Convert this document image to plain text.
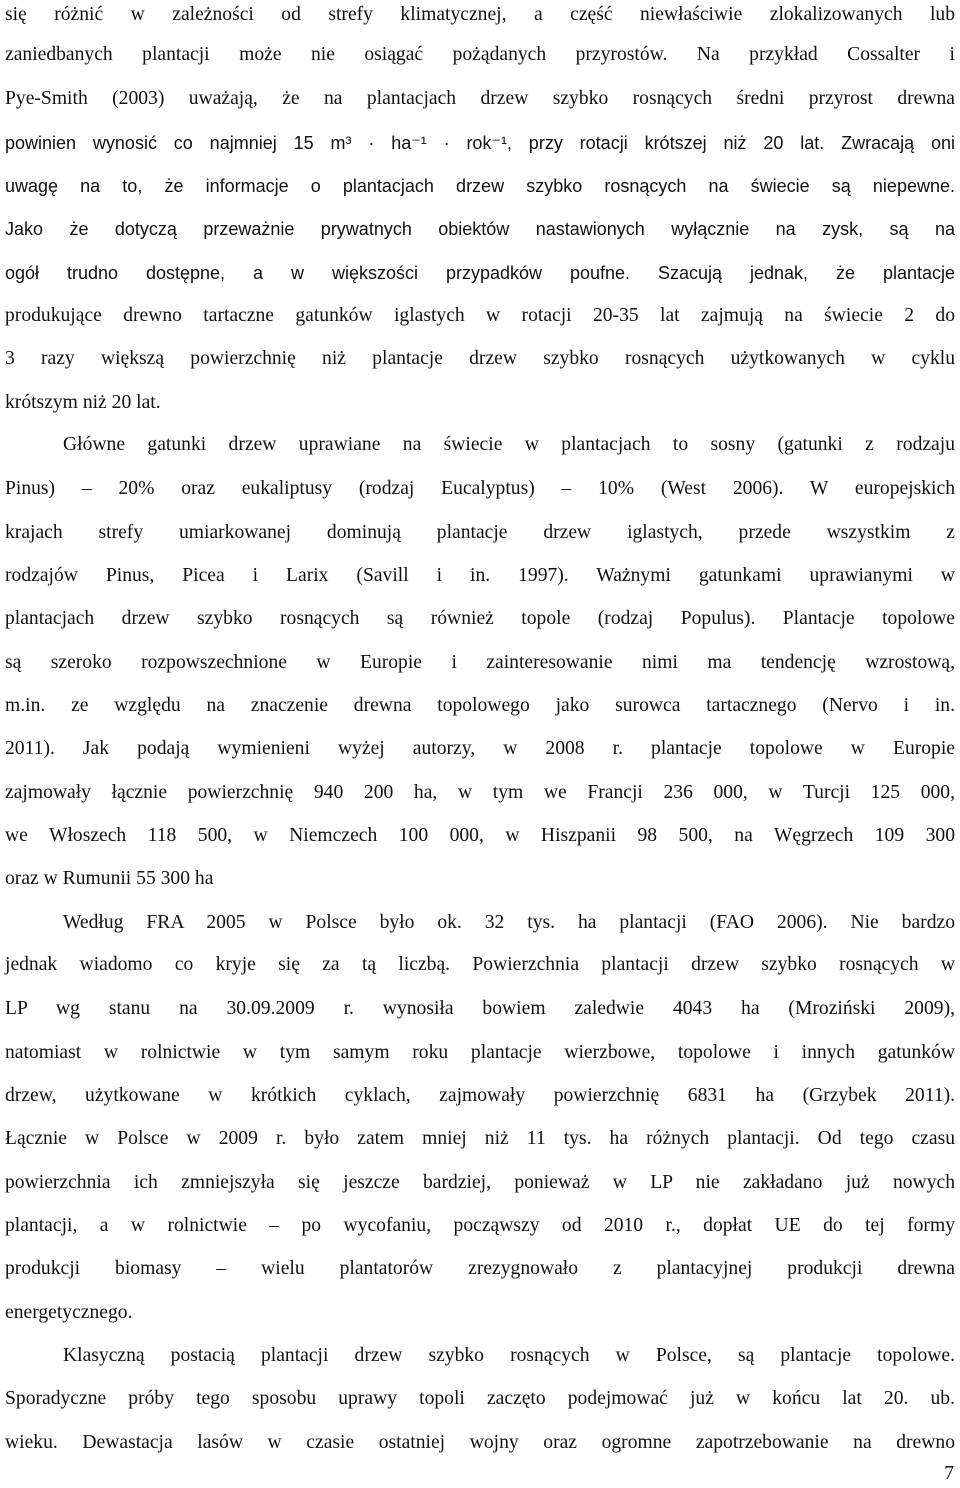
się różnić w zależności od strefy klimatycznej, a część niewłaściwie zlokalizowanych lub
zaniedbanych plantacji może nie osiągać pożądanych przyrostów. Na przykład Cossalter i
Pye-Smith (2003) uważają, że na plantacjach drzew szybko rosnących średni przyrost drewna
powinien wynosić co najmniej 15 m³ · ha⁻¹ · rok⁻¹, przy rotacji krótszej niż 20 lat. Zwracają oni
uwagę na to, że informacje o plantacjach drzew szybko rosnących na świecie są niepewne.
Jako że dotyczą przeważnie prywatnych obiektów nastawionych wyłącznie na zysk, są na
ogół trudno dostępne, a w większości przypadków poufne. Szacują jednak, że plantacje
produkujące drewno tartaczne gatunków iglastych w rotacji 20-35 lat zajmują na świecie 2 do
3 razy większą powierzchnię niż plantacje drzew szybko rosnących użytkowanych w cyklu
krótszym niż 20 lat.
Główne gatunki drzew uprawiane na świecie w plantacjach to sosny (gatunki z rodzaju
Pinus) – 20% oraz eukaliptusy (rodzaj Eucalyptus) – 10% (West 2006). W europejskich
krajach strefy umiarkowanej dominują plantacje drzew iglastych, przede wszystkim z
rodzajów Pinus, Picea i Larix (Savill i in. 1997). Ważnymi gatunkami uprawianymi w
plantacjach drzew szybko rosnących są również topole (rodzaj Populus). Plantacje topolowe
są szeroko rozpowszechnione w Europie i zainteresowanie nimi ma tendencję wzrostową,
m.in. ze względu na znaczenie drewna topolowego jako surowca tartacznego (Nervo i in.
2011). Jak podają wymienieni wyżej autorzy, w 2008 r. plantacje topolowe w Europie
zajmowały łącznie powierzchnię 940 200 ha, w tym we Francji 236 000, w Turcji 125 000,
we Włoszech 118 500, w Niemczech 100 000, w Hiszpanii 98 500, na Węgrzech 109 300
oraz w Rumunii 55 300 ha
Według FRA 2005 w Polsce było ok. 32 tys. ha plantacji (FAO 2006). Nie bardzo
jednak wiadomo co kryje się za tą liczbą. Powierzchnia plantacji drzew szybko rosnących w
LP wg stanu na 30.09.2009 r. wynosiła bowiem zaledwie 4043 ha (Mroziński 2009),
natomiast w rolnictwie w tym samym roku plantacje wierzbowe, topolowe i innych gatunków
drzew, użytkowane w krótkich cyklach, zajmowały powierzchnię 6831 ha (Grzybek 2011).
Łącznie w Polsce w 2009 r. było zatem mniej niż 11 tys. ha różnych plantacji. Od tego czasu
powierzchnia ich zmniejszyła się jeszcze bardziej, ponieważ w LP nie zakładano już nowych
plantacji, a w rolnictwie – po wycofaniu, począwszy od 2010 r., dopłat UE do tej formy
produkcji biomasy – wielu plantatorów zrezygnowało z plantacyjnej produkcji drewna
energetycznego.
Klasyczną postacią plantacji drzew szybko rosnących w Polsce, są plantacje topolowe.
Sporadyczne próby tego sposobu uprawy topoli zaczęto podejmować już w końcu lat 20. ub.
wieku. Dewastacja lasów w czasie ostatniej wojny oraz ogromne zapotrzebowanie na drewno
7
